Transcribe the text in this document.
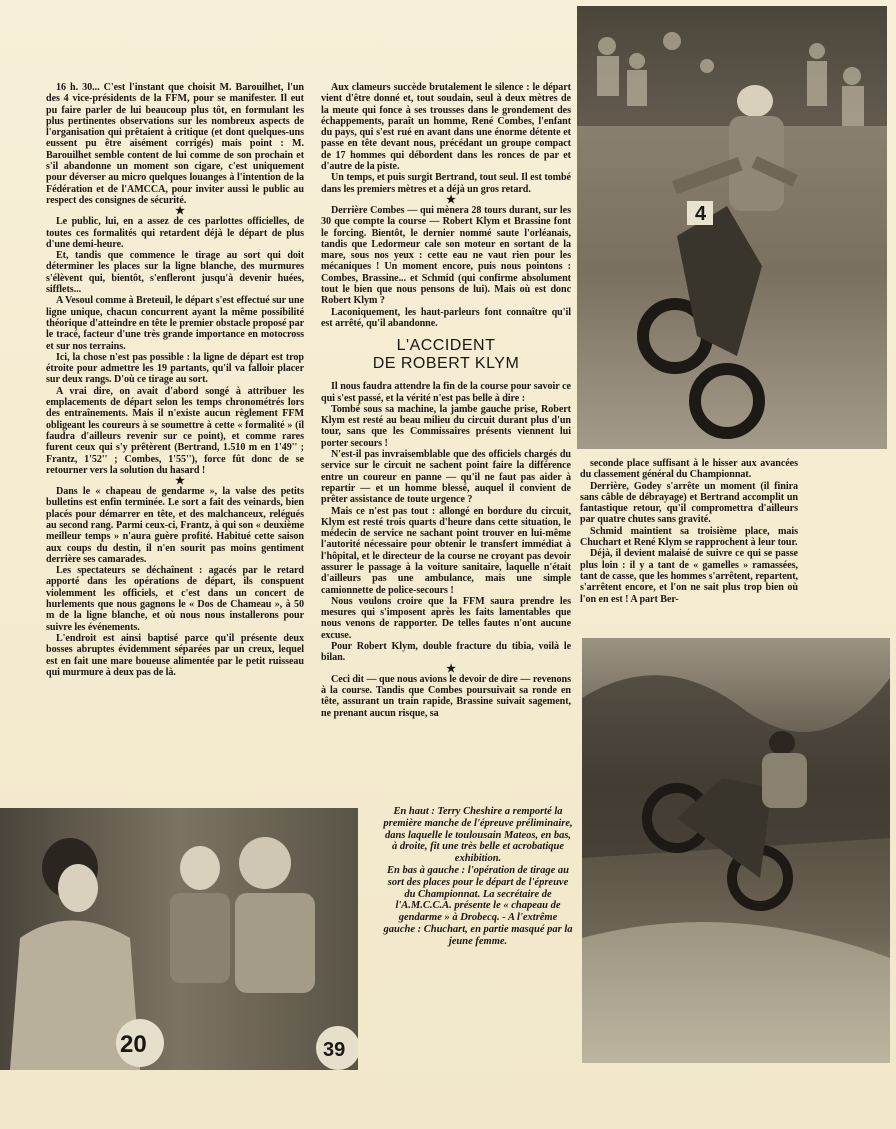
16 h. 30... C'est l'instant que choisit M. Barouilhet, l'un des 4 vice-présidents de la FFM, pour se manifester. Il eut pu faire parler de lui beaucoup plus tôt, en formulant les plus pertinentes observations sur les nombreux aspects de l'organisation qui prêtaient à critique (et dont quelques-uns eussent pu être aisément corrigés) mais point : M. Barouilhet semble content de lui comme de son prochain et s'il abandonne un moment son cigare, c'est uniquement pour déverser au micro quelques louanges à l'intention de la Fédération et de l'AMCCA, pour inviter aussi le public au respect des consignes de sécurité.

★

Le public, lui, en a assez de ces parlottes officielles, de toutes ces formalités qui retardent déjà le départ de plus d'une demi-heure.

Et, tandis que commence le tirage au sort qui doit déterminer les places sur la ligne blanche, des murmures s'élèvent qui, bientôt, s'enfleront jusqu'à devenir huées, sifflets...

A Vesoul comme à Breteuil, le départ s'est effectué sur une ligne unique, chacun concurrent ayant la même possibilité théorique d'atteindre en tête le premier obstacle proposé par le tracé, facteur d'une très grande importance en motocross et sur nos terrains.

Ici, la chose n'est pas possible : la ligne de départ est trop étroite pour admettre les 19 partants, qu'il va falloir placer sur deux rangs. D'où ce tirage au sort.

A vrai dire, on avait d'abord songé à attribuer les emplacements de départ selon les temps chronométrés lors des entraînements. Mais il n'existe aucun règlement FFM obligeant les coureurs à se soumettre à cette « formalité » (il faudra d'ailleurs revenir sur ce point), et comme rares furent ceux qui s'y prêtèrent (Bertrand, 1.510 m en 1'49'' ; Frantz, 1'52'' ; Combes, 1'55''), force fût donc de se retourner vers la solution du hasard !

★

Dans le « chapeau de gendarme », la valse des petits bulletins est enfin terminée. Le sort a fait des veinards, bien placés pour démarrer en tête, et des malchanceux, relégués au second rang. Parmi ceux-ci, Frantz, à qui son « deuxième meilleur temps » n'aura guère profité. Habitué cette saison aux coups du destin, il n'en sourit pas moins gentiment derrière ses camarades.

Les spectateurs se déchaînent : agacés par le retard apporté dans les opérations de départ, ils conspuent violemment les officiels, et c'est dans un concert de hurlements que nous gagnons le « Dos de Chameau », à 50 m de la ligne blanche, et où nous nous installerons pour suivre les événements.

L'endroit est ainsi baptisé parce qu'il présente deux bosses abruptes évidemment séparées par un creux, lequel est en fait une mare boueuse alimentée par le petit ruisseau qui murmure à deux pas de là.

Aux clameurs succède brutalement le silence : le départ vient d'être donné et, tout soudain, seul à deux mètres de la meute qui fonce à ses trousses dans le grondement des échappements, paraît un homme, René Combes, l'enfant du pays, qui s'est rué en avant dans une énorme détente et passe en tête devant nous, précédant un groupe compact de 17 hommes qui débordent dans les ronces de par et d'autre de la piste.

Un temps, et puis surgit Bertrand, tout seul. Il est tombé dans les premiers mètres et a déjà un gros retard.

★

Derrière Combes — qui mènera 28 tours durant, sur les 30 que compte la course — Robert Klym et Brassine font le forcing. Bientôt, le dernier nommé saute l'orléanais, tandis que Ledormeur cale son moteur en sortant de la mare, sous nos yeux : cette eau ne vaut rien pour les mécaniques ! Un moment encore, puis nous pointons : Combes, Brassine... et Schmid (qui confirme absolument tout le bien que nous pensons de lui). Mais où est donc Robert Klym ?

Laconiquement, les haut-parleurs font connaître qu'il est arrêté, qu'il abandonne.

L'ACCIDENT
DE ROBERT KLYM

Il nous faudra attendre la fin de la course pour savoir ce qui s'est passé, et la vérité n'est pas belle à dire :

Tombé sous sa machine, la jambe gauche prise, Robert Klym est resté au beau milieu du circuit durant plus d'un tour, sans que les Commissaires présents viennent lui porter secours !

N'est-il pas invraisemblable que des officiels chargés du service sur le circuit ne sachent point faire la différence entre un coureur en panne — qu'il ne faut pas aider à repartir — et un homme blessé, auquel il convient de prêter assistance de toute urgence ?

Mais ce n'est pas tout : allongé en bordure du circuit, Klym est resté trois quarts d'heure dans cette situation, le médecin de service ne sachant point trouver en lui-même l'autorité nécessaire pour obtenir le transfert immédiat à l'hôpital, et le directeur de la course ne croyant pas devoir assurer le passage à la voiture sanitaire, laquelle n'était d'ailleurs pas une ambulance, mais une simple camionnette de police-secours !

Nous voulons croire que la FFM saura prendre les mesures qui s'imposent après les faits lamentables que nous venons de rapporter. De telles fautes n'ont aucune excuse.

Pour Robert Klym, double fracture du tibia, voilà le bilan.

★

Ceci dit — que nous avions le devoir de dire — revenons à la course. Tandis que Combes poursuivait sa ronde en tête, assurant un train rapide, Brassine suivait sagement, ne prenant aucun risque, sa

seconde place suffisant à le hisser aux avancées du classement général du Championnat.

Derrière, Godey s'arrête un moment (il finira sans câble de débrayage) et Bertrand accomplit un fantastique retour, qu'il compromettra d'ailleurs par quatre chutes sans gravité.

Schmid maintient sa troisième place, mais Chuchart et René Klym se rapprochent à leur tour.

Déjà, il devient malaisé de suivre ce qui se passe plus loin : il y a tant de « gamelles » ramassées, tant de casse, que les hommes s'arrêtent, repartent, s'arrêtent encore, et l'on ne sait plus trop bien où l'on en est ! A part Ber-

En haut : Terry Cheshire a remporté la première manche de l'épreuve préliminaire, dans laquelle le toulousain Mateos, en bas, à droite, fit une très belle et acrobatique exhibition.

En bas à gauche : l'opération de tirage au sort des places pour le départ de l'épreuve du Championnat. La secrétaire de l'A.M.C.C.A. présente le « chapeau de gendarme » à Drobecq. - A l'extrême gauche : Chuchart, en partie masqué par la jeune femme.

4
20	39
